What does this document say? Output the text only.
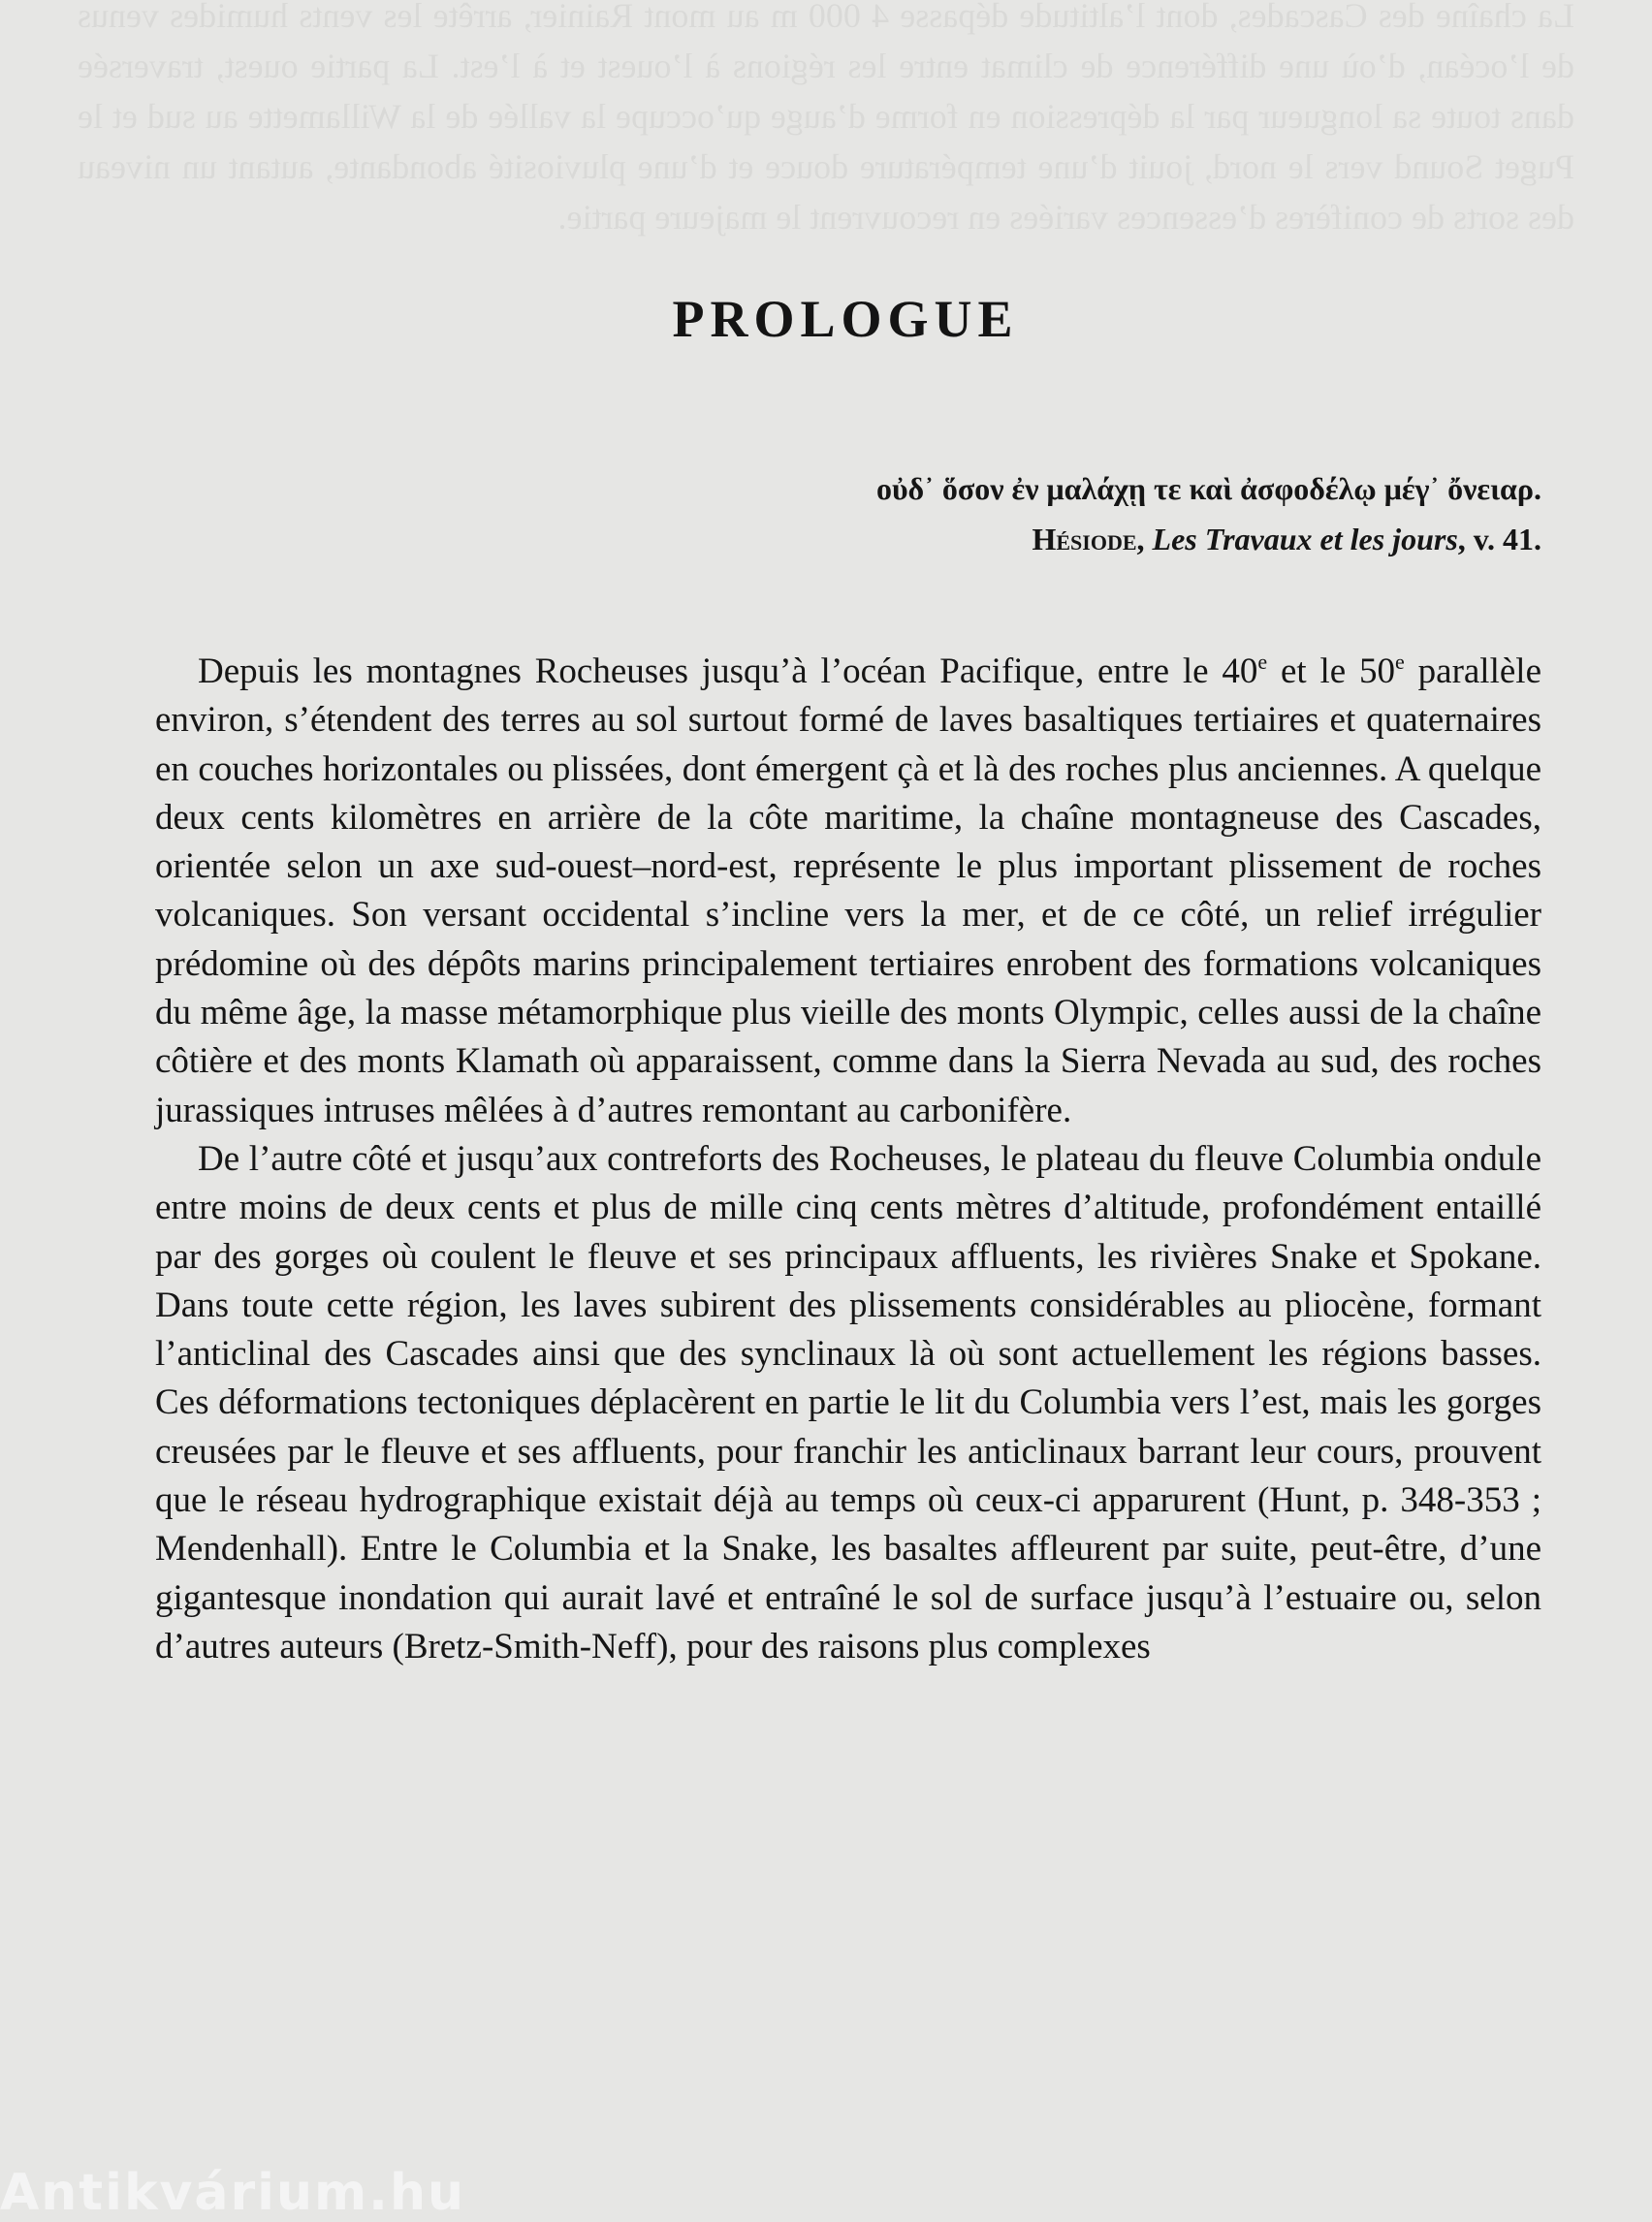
La chaîne des Cascades, dont l’altitude dépasse 4 000 m au mont Rainier, arrête les vents humides venus de l’océan, d’où une différence de climat entre les régions à l’ouest et à l’est. La partie ouest, traversée dans toute sa longueur par la dépression en forme d’auge qu’occupe la vallée de la Willamette au sud et le Puget Sound vers le nord, jouit d’une température douce et d’une pluviosité abondante, autant un niveau des sorts de conifères d’essences variées en recouvrent le majeure partie.
PROLOGUE
οὐδ᾽ ὅσον ἐν μαλάχῃ τε καὶ ἀσφοδέλῳ μέγ᾽ ὄνειαρ.
Hésiode, Les Travaux et les jours, v. 41.

Depuis les montagnes Rocheuses jusqu’à l’océan Pacifique, entre le 40e et le 50e parallèle environ, s’étendent des terres au sol surtout formé de laves basaltiques tertiaires et quaternaires en couches horizontales ou plissées, dont émergent çà et là des roches plus anciennes. A quelque deux cents kilomètres en arrière de la côte maritime, la chaîne montagneuse des Cascades, orientée selon un axe sud-ouest–nord-est, représente le plus important plissement de roches volcaniques. Son versant occidental s’incline vers la mer, et de ce côté, un relief irrégulier prédomine où des dépôts marins principalement tertiaires enrobent des formations volcaniques du même âge, la masse métamorphique plus vieille des monts Olympic, celles aussi de la chaîne côtière et des monts Klamath où apparaissent, comme dans la Sierra Nevada au sud, des roches jurassiques intruses mêlées à d’autres remontant au carbonifère.

De l’autre côté et jusqu’aux contreforts des Rocheuses, le plateau du fleuve Columbia ondule entre moins de deux cents et plus de mille cinq cents mètres d’altitude, profondément entaillé par des gorges où coulent le fleuve et ses principaux affluents, les rivières Snake et Spokane. Dans toute cette région, les laves subirent des plissements considérables au pliocène, formant l’anticlinal des Cascades ainsi que des synclinaux là où sont actuellement les régions basses. Ces déformations tectoniques déplacèrent en partie le lit du Columbia vers l’est, mais les gorges creusées par le fleuve et ses affluents, pour franchir les anticlinaux barrant leur cours, prouvent que le réseau hydrographique existait déjà au temps où ceux-ci apparurent (Hunt, p. 348-353 ; Mendenhall). Entre le Columbia et la Snake, les basaltes affleurent par suite, peut-être, d’une gigantesque inondation qui aurait lavé et entraîné le sol de surface jusqu’à l’estuaire ou, selon d’autres auteurs (Bretz-Smith-Neff), pour des raisons plus complexes

Antikvárium.hu
